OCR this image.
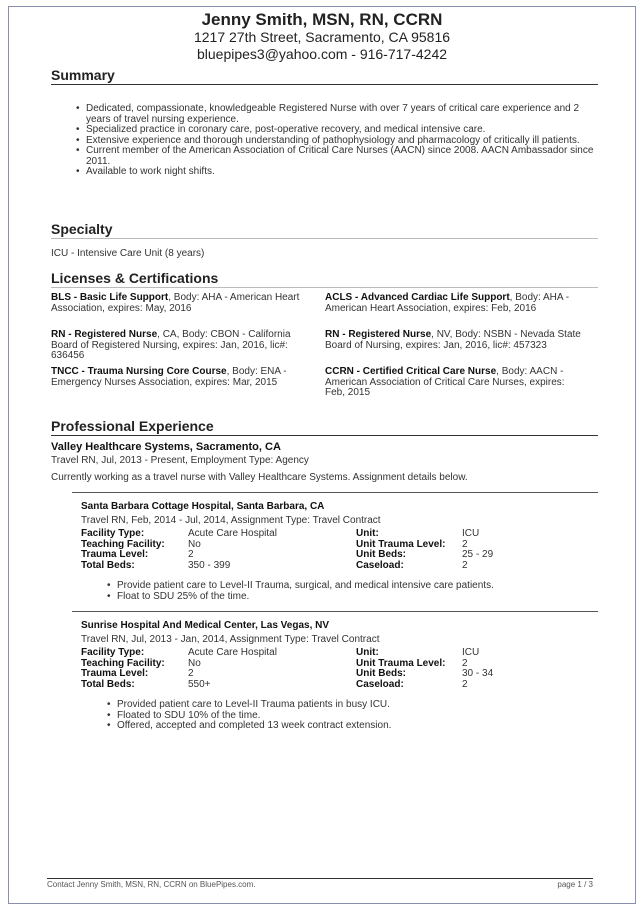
Jenny Smith, MSN, RN, CCRN
1217 27th Street, Sacramento, CA 95816
bluepipes3@yahoo.com - 916-717-4242
Summary
• Dedicated, compassionate, knowledgeable Registered Nurse with over 7 years of critical care experience and 2 years of travel nursing experience.
• Specialized practice in coronary care, post-operative recovery, and medical intensive care.
• Extensive experience and thorough understanding of pathophysiology and pharmacology of critically ill patients.
• Current member of the American Association of Critical Care Nurses (AACN) since 2008. AACN Ambassador since 2011.
• Available to work night shifts.
Specialty
ICU - Intensive Care Unit (8 years)
Licenses & Certifications
BLS - Basic Life Support, Body: AHA - American Heart Association, expires: May, 2016
ACLS - Advanced Cardiac Life Support, Body: AHA - American Heart Association, expires: Feb, 2016
RN - Registered Nurse, CA, Body: CBON - California Board of Registered Nursing, expires: Jan, 2016, lic#: 636456
RN - Registered Nurse, NV, Body: NSBN - Nevada State Board of Nursing, expires: Jan, 2016, lic#: 457323
TNCC - Trauma Nursing Core Course, Body: ENA - Emergency Nurses Association, expires: Mar, 2015
CCRN - Certified Critical Care Nurse, Body: AACN - American Association of Critical Care Nurses, expires: Feb, 2015
Professional Experience
Valley Healthcare Systems, Sacramento, CA
Travel RN, Jul, 2013 - Present, Employment Type: Agency
Currently working as a travel nurse with Valley Healthcare Systems. Assignment details below.
Santa Barbara Cottage Hospital, Santa Barbara, CA
Travel RN, Feb, 2014 - Jul, 2014, Assignment Type: Travel Contract
Facility Type:	Acute Care Hospital
Teaching Facility: No
Trauma Level:	2
Total Beds:	350 - 399
Unit:	ICU
Unit Trauma Level: 2
Unit Beds:	25 - 29
Caseload:	2
• Provide patient care to Level-II Trauma, surgical, and medical intensive care patients.
• Float to SDU 25% of the time.
Sunrise Hospital And Medical Center, Las Vegas, NV
Travel RN, Jul, 2013 - Jan, 2014, Assignment Type: Travel Contract
Facility Type:	Acute Care Hospital
Teaching Facility: No
Trauma Level:	2
Total Beds:	550+
Unit:	ICU
Unit Trauma Level: 2
Unit Beds:	30 - 34
Caseload:	2
• Provided patient care to Level-II Trauma patients in busy ICU.
• Floated to SDU 10% of the time.
• Offered, accepted and completed 13 week contract extension.
Contact Jenny Smith, MSN, RN, CCRN on BluePipes.com.	page 1 / 3
